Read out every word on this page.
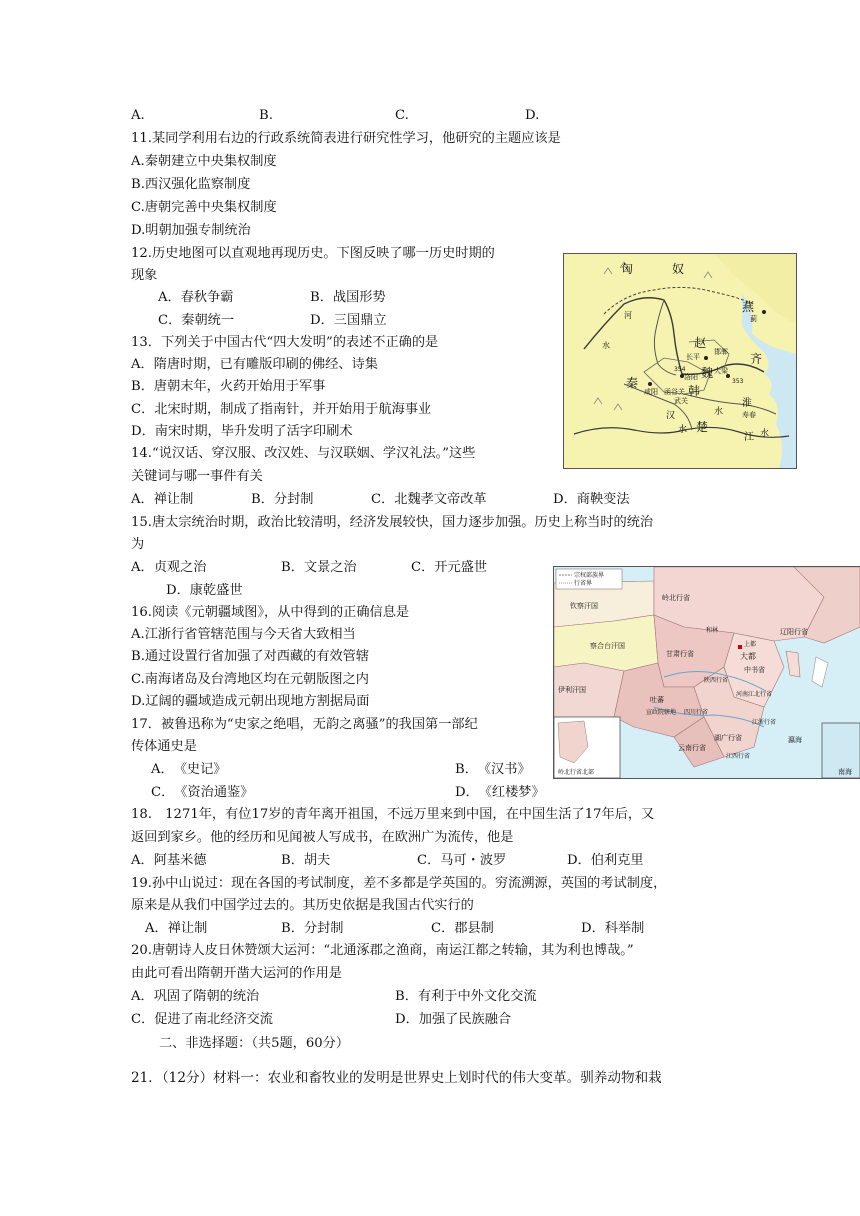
A.	B.	C.	D.
11.某同学利用右边的行政系统简表进行研究性学习，他研究的主题应该是
A.秦朝建立中央集权制度
B.西汉强化监察制度
C.唐朝完善中央集权制度
D.明朝加强专制统治
12.历史地图可以直观地再现历史。下图反映了哪一历史时期的
现象
A．春秋争霸	B．战国形势
C．秦朝统一	D．三国鼎立
13．下列关于中国古代“四大发明”的表述不正确的是
A．隋唐时期，已有雕版印刷的佛经、诗集
B．唐朝末年，火药开始用于军事
C．北宋时期，制成了指南针，并开始用于航海事业
D．南宋时期，毕升发明了活字印刷术
14.“说汉话、穿汉服、改汉姓、与汉联姻、学汉礼法。”这些
关键词与哪一事件有关
A．禅让制	B．分封制	C．北魏孝文帝改革	D．商鞅变法
15.唐太宗统治时期，政治比较清明，经济发展较快，国力逐步加强。历史上称当时的统治
为
A．贞观之治	B．文景之治	C．开元盛世
D．康乾盛世
16.阅读《元朝疆域图》，从中得到的正确信息是
A.江浙行省管辖范围与今天省大致相当
B.通过设置行省加强了对西藏的有效管辖
C.南海诸岛及台湾地区均在元朝版图之内
D.辽阔的疆域造成元朝出现地方割据局面
17．被鲁迅称为“史家之绝唱，无韵之离骚”的我国第一部纪
传体通史是
A．　《史记》	B．　《汉书》
C．　《资治通鉴》	D．　《红楼梦》
18.　1271年，有位17岁的青年离开祖国，不远万里来到中国，在中国生活了17年后，又
返回到家乡。他的经历和见闻被人写成书，在欧洲广为流传，他是
A．阿基米德	B．胡夫	C．马可・波罗	D．伯利克里
19.孙中山说过：现在各国的考试制度，差不多都是学英国的。穷流溯源，英国的考试制度，
原来是从我们中国学过去的。其历史依据是我国古代实行的
A．禅让制	B．分封制	C．郡县制	D．科举制
20.唐朝诗人皮日休赞颂大运河：“北通涿郡之渔商，南运江都之转输，其为利也博哉。”
由此可看出隋朝开凿大运河的作用是
A．巩固了隋朝的统治	B．有利于中外文化交流
C．促进了南北经济交流	D．加强了民族融合
二、非选择题：（共5题，60分）
21．（12分）材料一：农业和畜牧业的发明是世界史上划时代的伟大变革。驯养动物和栽
匈	奴
燕
蓟
赵
河
水
长平
邯郸 齐
秦
魏
韩
咸阳 函谷关
洛阳
大梁
武关	淮
水
楚
汉
水
寿春
江 水
353
354
宗权部族界
行省界
钦察汗国
岭北行省
和林
察合台汗国
伊利汗国
甘肃行省
上都
大都
中书省
辽阳行省
吐蕃
宣政院辖地
陕西行省
四川行省
河南江北行省
云南行省
湖广行省
江浙行省
江西行省
瀛海
岭北行省北部	南海
